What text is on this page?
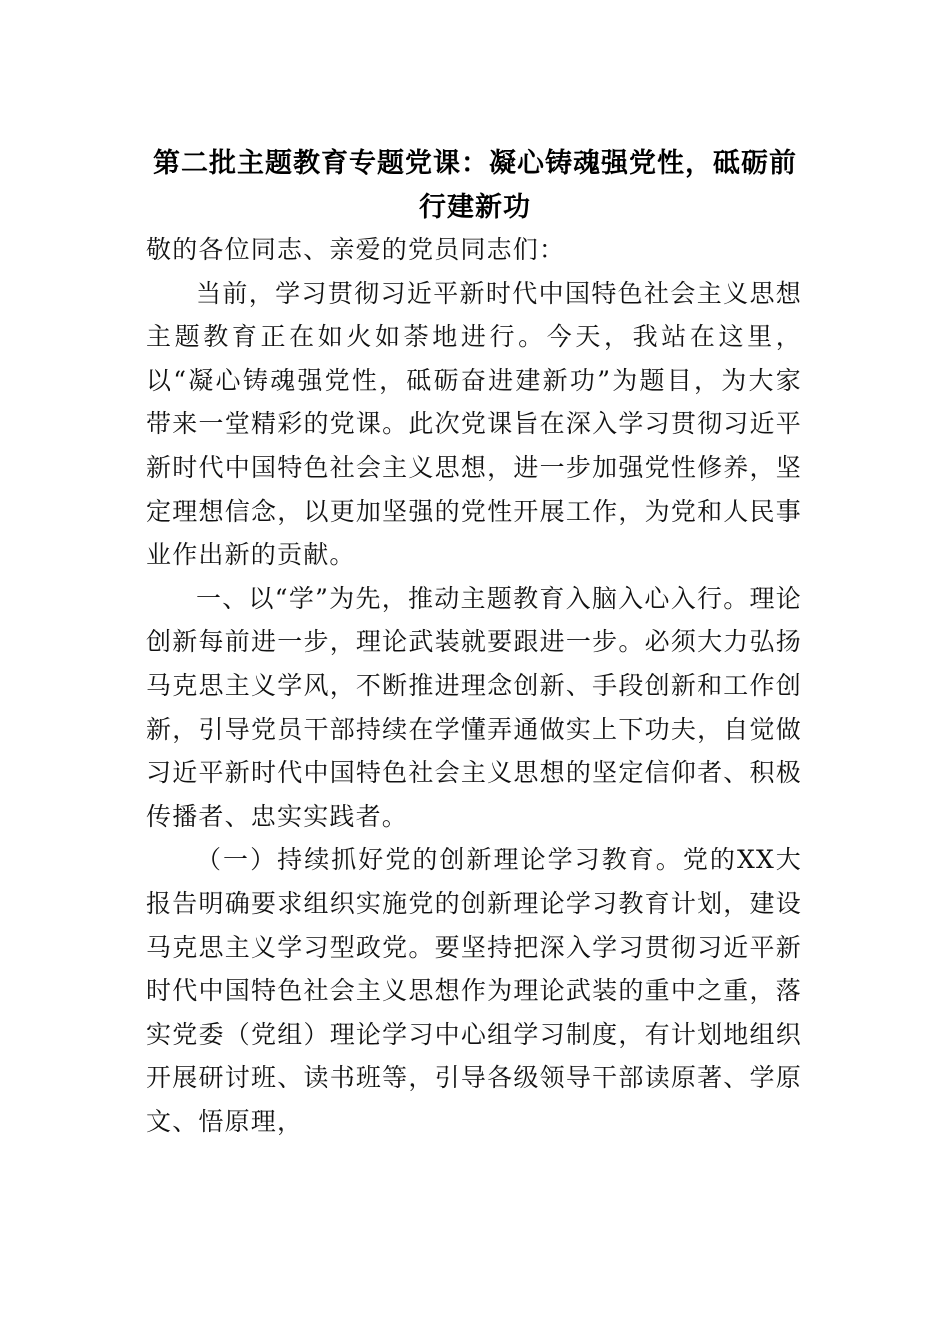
第二批主题教育专题党课：凝心铸魂强党性，砥砺前行建新功

敬的各位同志、亲爱的党员同志们：

当前，学习贯彻习近平新时代中国特色社会主义思想主题教育正在如火如荼地进行。今天，我站在这里，以“凝心铸魂强党性，砥砺奋进建新功”为题目，为大家带来一堂精彩的党课。此次党课旨在深入学习贯彻习近平新时代中国特色社会主义思想，进一步加强党性修养，坚定理想信念，以更加坚强的党性开展工作，为党和人民事业作出新的贡献。

一、以“学”为先，推动主题教育入脑入心入行。理论创新每前进一步，理论武装就要跟进一步。必须大力弘扬马克思主义学风，不断推进理念创新、手段创新和工作创新，引导党员干部持续在学懂弄通做实上下功夫，自觉做习近平新时代中国特色社会主义思想的坚定信仰者、积极传播者、忠实实践者。

（一）持续抓好党的创新理论学习教育。党的XX大报告明确要求组织实施党的创新理论学习教育计划，建设马克思主义学习型政党。要坚持把深入学习贯彻习近平新时代中国特色社会主义思想作为理论武装的重中之重，落实党委（党组）理论学习中心组学习制度，有计划地组织开展研讨班、读书班等，引导各级领导干部读原著、学原文、悟原理，
